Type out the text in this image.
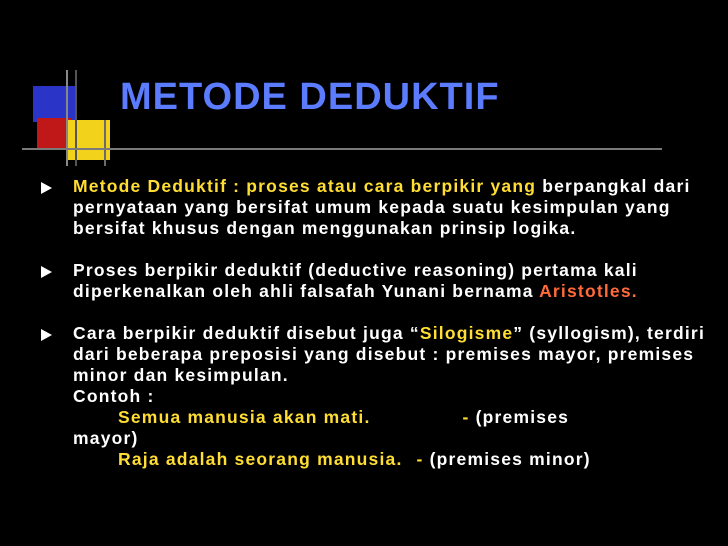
METODE DEDUKTIF
Metode Deduktif : proses atau cara berpikir yang berpangkal dari pernyataan yang bersifat umum kepada suatu kesimpulan yang bersifat khusus dengan menggunakan prinsip logika.
Proses berpikir deduktif (deductive reasoning) pertama kali diperkenalkan oleh ahli falsafah Yunani bernama Aristotles.
Cara berpikir deduktif disebut juga “Silogisme” (syllogism), terdiri dari beberapa preposisi yang disebut : premises mayor, premises minor dan kesimpulan.
Contoh :
Semua manusia akan mati.	- (premises
mayor)
Raja adalah seorang manusia. - (premises minor)
